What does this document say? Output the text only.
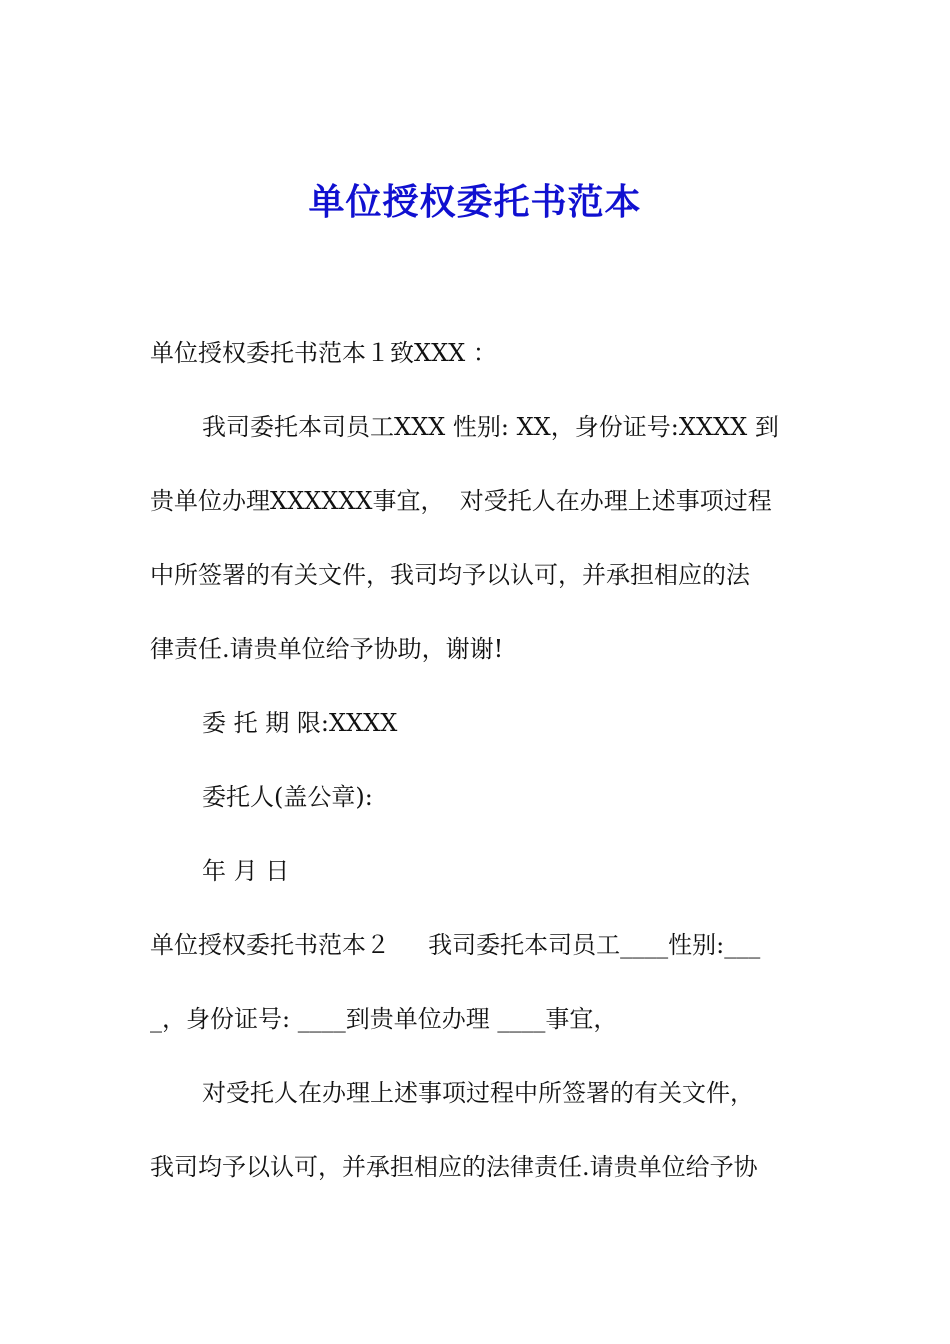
单位授权委托书范本
单位授权委托书范本１致XXX ：
我司委托本司员工XXX 性别: XX，身份证号:XXXX 到
贵单位办理XXXXXX事宜，  对受托人在办理上述事项过程
中所签署的有关文件，我司均予以认可，并承担相应的法
律责任.请贵单位给予协助，谢谢!
委 托 期 限:XXXX
委托人(盖公章):
年 月 日
单位授权委托书范本２     我司委托本司员工____性别:___
_，身份证号: ____到贵单位办理 ____事宜，
对受托人在办理上述事项过程中所签署的有关文件，
我司均予以认可，并承担相应的法律责任.请贵单位给予协
